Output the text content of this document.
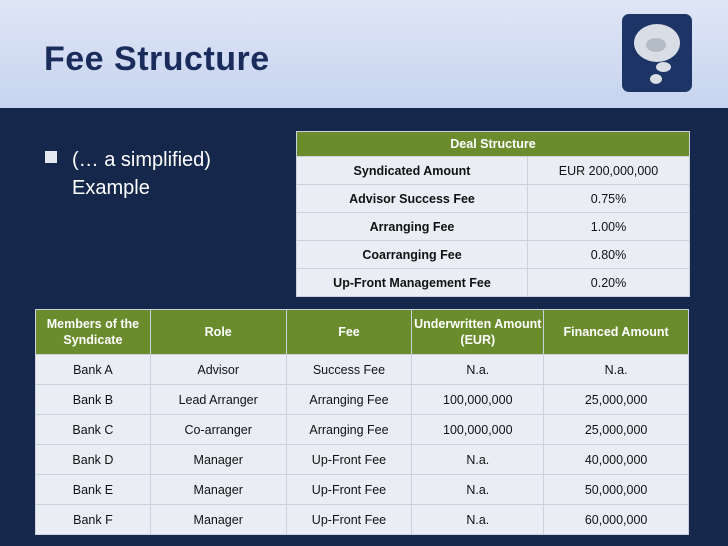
Fee Structure
(… a simplified) Example
Deal Structure	
Syndicated Amount	EUR 200,000,000
Advisor Success Fee	0.75%
Arranging Fee	1.00%
Coarranging Fee	0.80%
Up-Front Management Fee	0.20%
Members of the Syndicate	Role	Fee	Underwritten Amount (EUR)	Financed Amount
Bank A	Advisor	Success Fee	N.a.	N.a.
Bank B	Lead Arranger	Arranging Fee	100,000,000	25,000,000
Bank C	Co-arranger	Arranging Fee	100,000,000	25,000,000
Bank D	Manager	Up-Front Fee	N.a.	40,000,000
Bank E	Manager	Up-Front Fee	N.a.	50,000,000
Bank F	Manager	Up-Front Fee	N.a.	60,000,000
